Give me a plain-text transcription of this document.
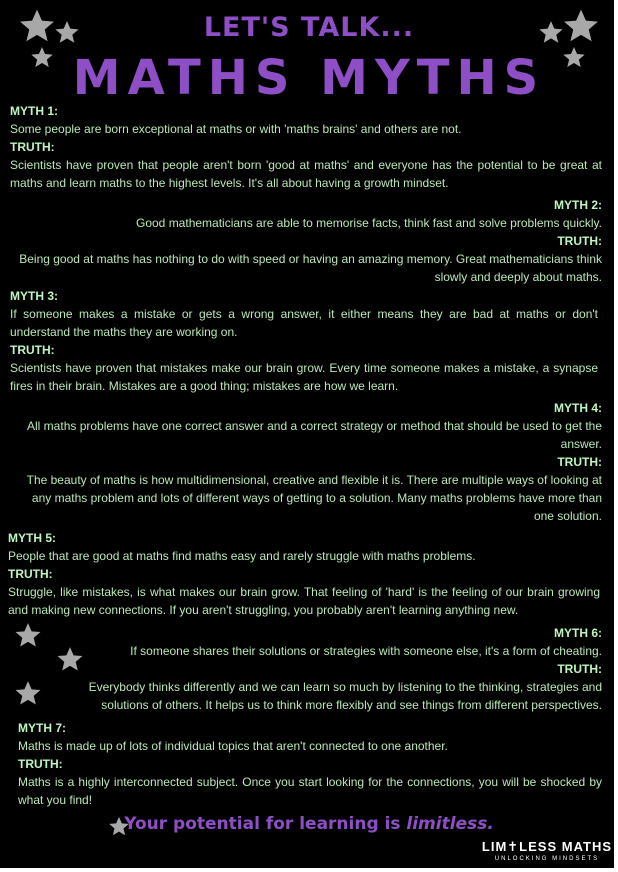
LET'S TALK...
MATHS MYTHS
MYTH 1:
Some people are born exceptional at maths or with 'maths brains' and others are not.
TRUTH:
Scientists have proven that people aren't born 'good at maths' and everyone has the potential to be great at maths and learn maths to the highest levels. It's all about having a growth mindset.
MYTH 2:
Good mathematicians are able to memorise facts, think fast and solve problems quickly.
TRUTH:
Being good at maths has nothing to do with speed or having an amazing memory. Great mathematicians think slowly and deeply about maths.
MYTH 3:
If someone makes a mistake or gets a wrong answer, it either means they are bad at maths or don't understand the maths they are working on.
TRUTH:
Scientists have proven that mistakes make our brain grow. Every time someone makes a mistake, a synapse fires in their brain. Mistakes are a good thing; mistakes are how we learn.
MYTH 4:
All maths problems have one correct answer and a correct strategy or method that should be used to get the answer.
TRUTH:
The beauty of maths is how multidimensional, creative and flexible it is. There are multiple ways of looking at any maths problem and lots of different ways of getting to a solution. Many maths problems have more than one solution.
MYTH 5:
People that are good at maths find maths easy and rarely struggle with maths problems.
TRUTH:
Struggle, like mistakes, is what makes our brain grow. That feeling of 'hard' is the feeling of our brain growing and making new connections. If you aren't struggling, you probably aren't learning anything new.
MYTH 6:
If someone shares their solutions or strategies with someone else, it's a form of cheating.
TRUTH:
Everybody thinks differently and we can learn so much by listening to the thinking, strategies and solutions of others. It helps us to think more flexibly and see things from different perspectives.
MYTH 7:
Maths is made up of lots of individual topics that aren't connected to one another.
TRUTH:
Maths is a highly interconnected subject. Once you start looking for the connections, you will be shocked by what you find!
Your potential for learning is limitless.
LIM✝LESS MATHS
UNLOCKING MINDSETS
